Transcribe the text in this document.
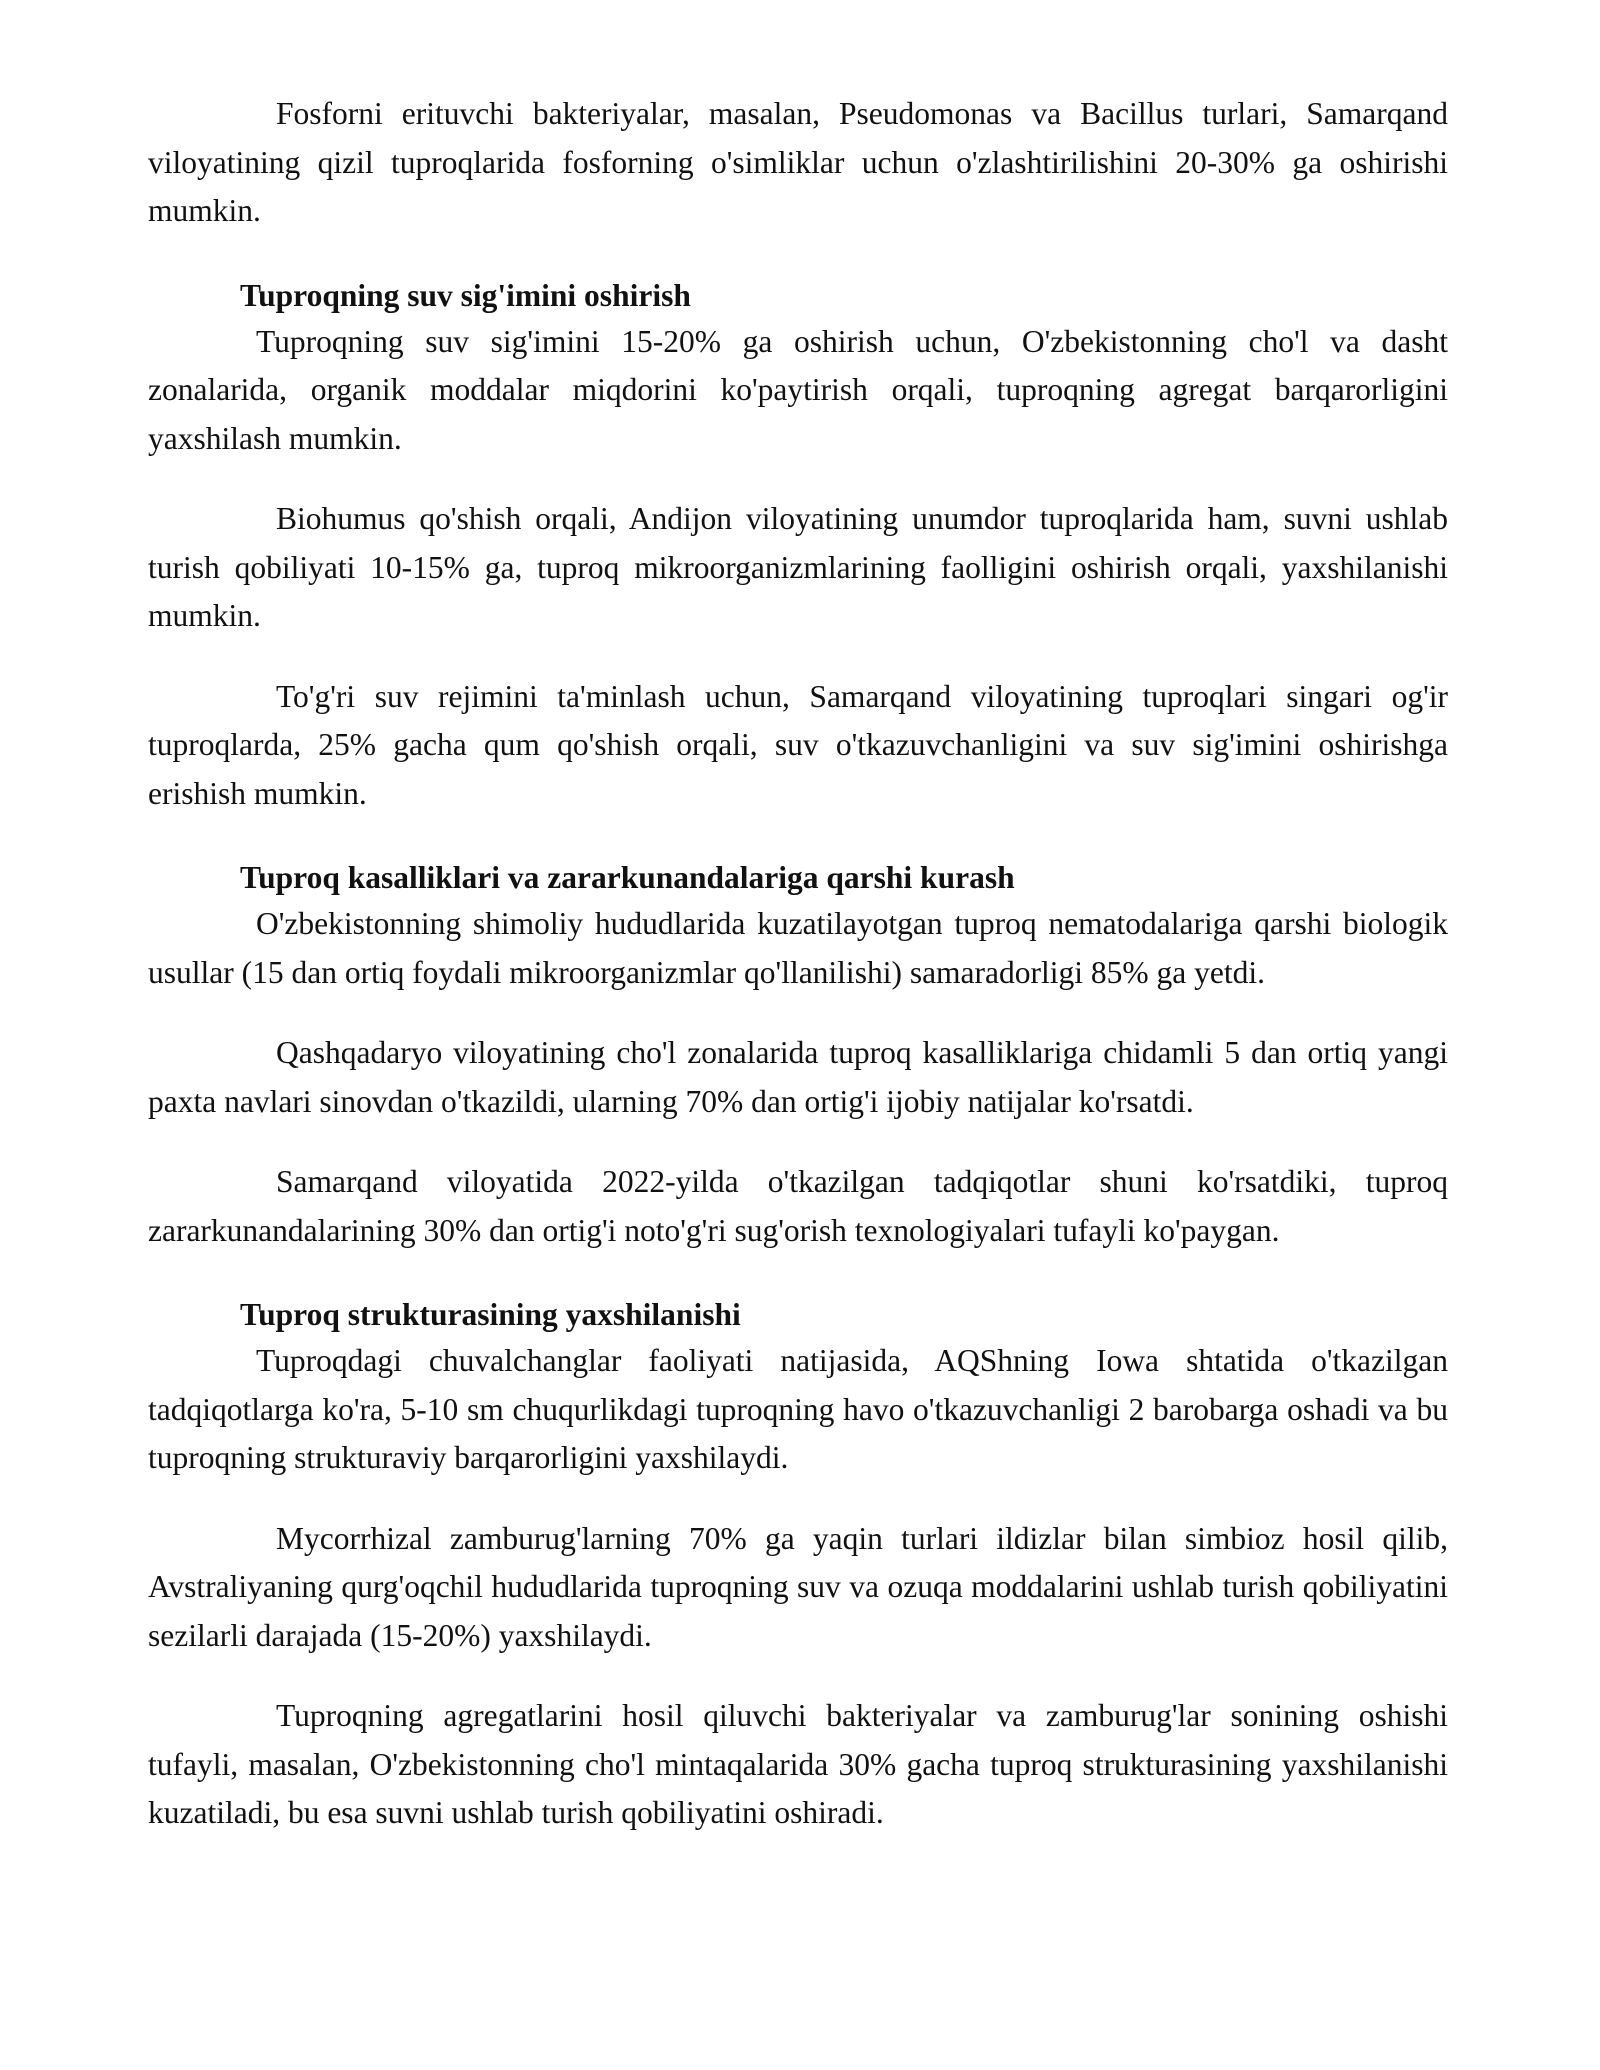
Fosforni erituvchi bakteriyalar, masalan, Pseudomonas va Bacillus turlari, Samarqand viloyatining qizil tuproqlarida fosforning o'simliklar uchun o'zlashtirilishini 20-30% ga oshirishi mumkin.

Tuproqning suv sig'imini oshirish

Tuproqning suv sig'imini 15-20% ga oshirish uchun, O'zbekistonning cho'l va dasht zonalarida, organik moddalar miqdorini ko'paytirish orqali, tuproqning agregat barqarorligini yaxshilash mumkin.

Biohumus qo'shish orqali, Andijon viloyatining unumdor tuproqlarida ham, suvni ushlab turish qobiliyati 10-15% ga, tuproq mikroorganizmlarining faolligini oshirish orqali, yaxshilanishi mumkin.

To'g'ri suv rejimini ta'minlash uchun, Samarqand viloyatining tuproqlari singari og'ir tuproqlarda, 25% gacha qum qo'shish orqali, suv o'tkazuvchanligini va suv sig'imini oshirishga erishish mumkin.

Tuproq kasalliklari va zararkunandalariga qarshi kurash

O'zbekistonning shimoliy hududlarida kuzatilayotgan tuproq nematodalariga qarshi biologik usullar (15 dan ortiq foydali mikroorganizmlar qo'llanilishi) samaradorligi 85% ga yetdi.

Qashqadaryo viloyatining cho'l zonalarida tuproq kasalliklariga chidamli 5 dan ortiq yangi paxta navlari sinovdan o'tkazildi, ularning 70% dan ortig'i ijobiy natijalar ko'rsatdi.

Samarqand viloyatida 2022-yilda o'tkazilgan tadqiqotlar shuni ko'rsatdiki, tuproq zararkunandalarining 30% dan ortig'i noto'g'ri sug'orish texnologiyalari tufayli ko'paygan.

Tuproq strukturasining yaxshilanishi

Tuproqdagi chuvalchanglar faoliyati natijasida, AQShning Iowa shtatida o'tkazilgan tadqiqotlarga ko'ra, 5-10 sm chuqurlikdagi tuproqning havo o'tkazuvchanligi 2 barobarga oshadi va bu tuproqning strukturaviy barqarorligini yaxshilaydi.

Mycorrhizal zamburug'larning 70% ga yaqin turlari ildizlar bilan simbioz hosil qilib, Avstraliyaning qurg'oqchil hududlarida tuproqning suv va ozuqa moddalarini ushlab turish qobiliyatini sezilarli darajada (15-20%) yaxshilaydi.

Tuproqning agregatlarini hosil qiluvchi bakteriyalar va zamburug'lar sonining oshishi tufayli, masalan, O'zbekistonning cho'l mintaqalarida 30% gacha tuproq strukturasining yaxshilanishi kuzatiladi, bu esa suvni ushlab turish qobiliyatini oshiradi.
